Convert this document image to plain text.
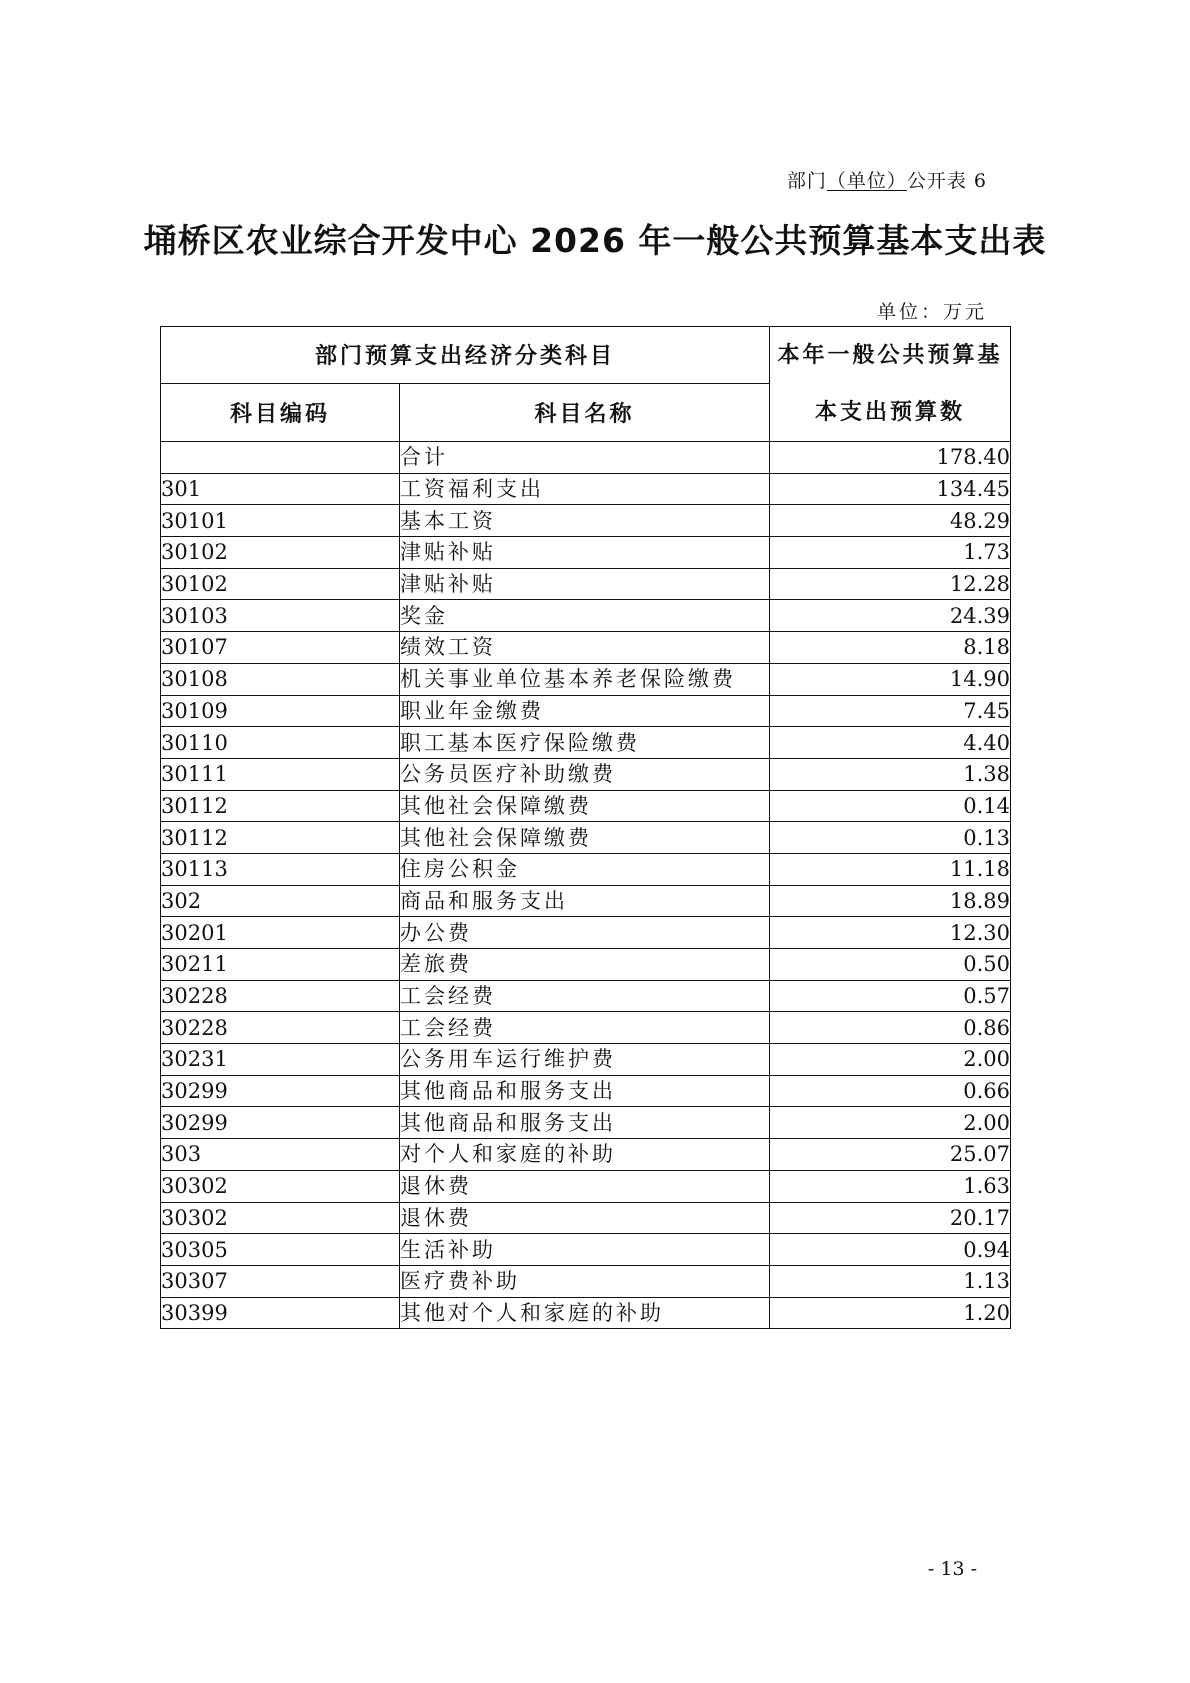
部门（单位）公开表 6
埇桥区农业综合开发中心 2026 年一般公共预算基本支出表
单位：万元
部门预算支出经济分类科目		本年一般公共预算基本支出预算数
科目编码	科目名称	
	合计	178.40
301	工资福利支出	134.45
30101	基本工资	48.29
30102	津贴补贴	1.73
30102	津贴补贴	12.28
30103	奖金	24.39
30107	绩效工资	8.18
30108	机关事业单位基本养老保险缴费	14.90
30109	职业年金缴费	7.45
30110	职工基本医疗保险缴费	4.40
30111	公务员医疗补助缴费	1.38
30112	其他社会保障缴费	0.14
30112	其他社会保障缴费	0.13
30113	住房公积金	11.18
302	商品和服务支出	18.89
30201	办公费	12.30
30211	差旅费	0.50
30228	工会经费	0.57
30228	工会经费	0.86
30231	公务用车运行维护费	2.00
30299	其他商品和服务支出	0.66
30299	其他商品和服务支出	2.00
303	对个人和家庭的补助	25.07
30302	退休费	1.63
30302	退休费	20.17
30305	生活补助	0.94
30307	医疗费补助	1.13
30399	其他对个人和家庭的补助	1.20
- 13 -
